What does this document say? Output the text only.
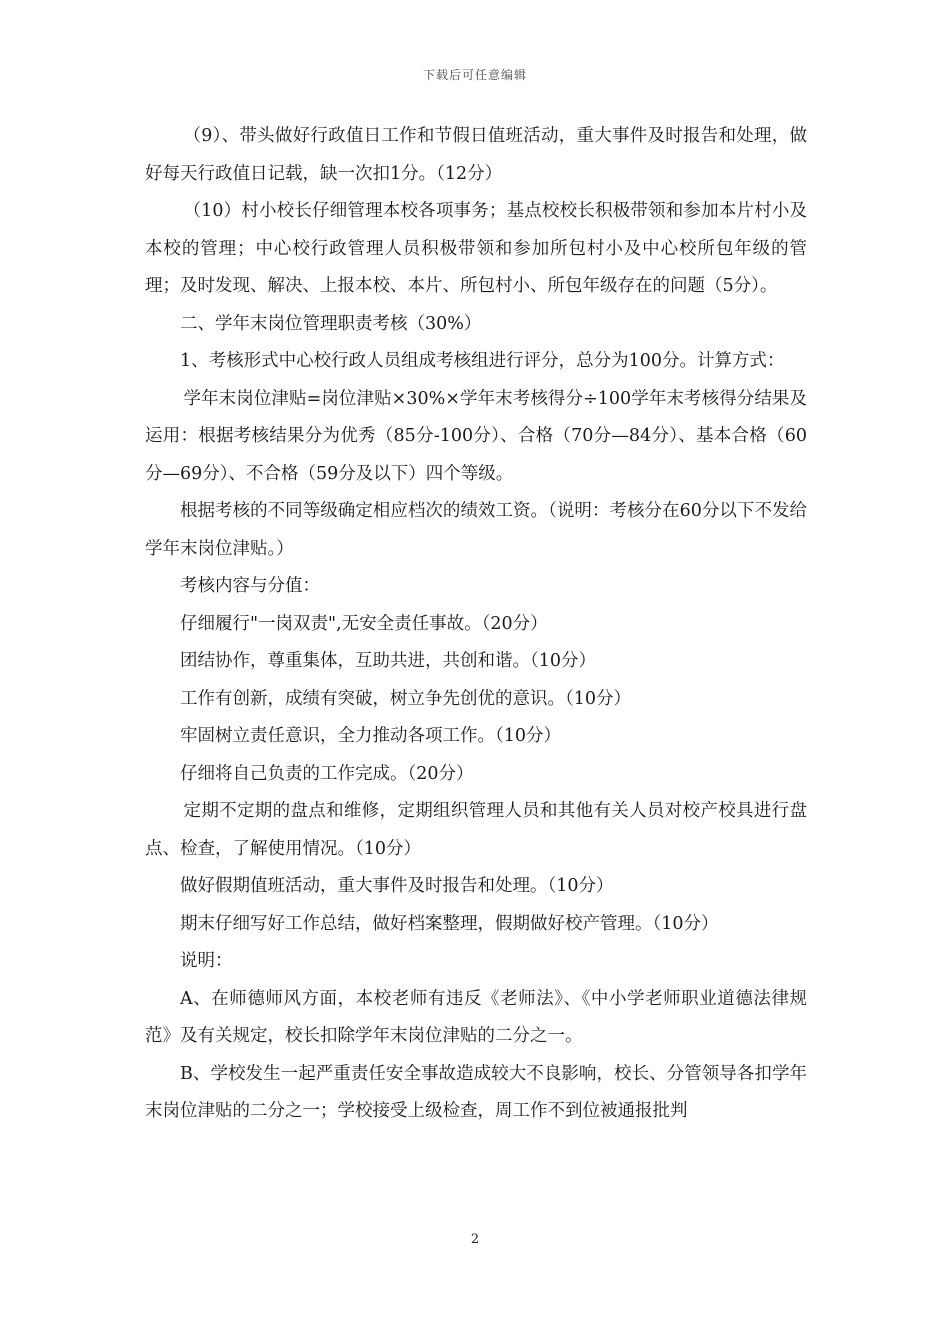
下载后可任意编辑

（9）、带头做好行政值日工作和节假日值班活动，重大事件及时报告和处理，做好每天行政值日记载，缺一次扣1分。（12分）

（10）村小校长仔细管理本校各项事务；基点校校长积极带领和参加本片村小及本校的管理；中心校行政管理人员积极带领和参加所包村小及中心校所包年级的管理；及时发现、解决、上报本校、本片、所包村小、所包年级存在的问题（5分）。

二、学年末岗位管理职责考核（30%）

1、考核形式中心校行政人员组成考核组进行评分，总分为100分。计算方式：

学年末岗位津贴=岗位津贴×30%×学年末考核得分÷100学年末考核得分结果及运用：根据考核结果分为优秀（85分-100分）、合格（70分—84分）、基本合格（60分—69分）、不合格（59分及以下）四个等级。

根据考核的不同等级确定相应档次的绩效工资。（说明：考核分在60分以下不发给学年末岗位津贴。）

考核内容与分值：

仔细履行"一岗双责",无安全责任事故。（20分）

团结协作，尊重集体，互助共进，共创和谐。（10分）

工作有创新，成绩有突破，树立争先创优的意识。（10分）

牢固树立责任意识，全力推动各项工作。（10分）

仔细将自己负责的工作完成。（20分）

定期不定期的盘点和维修，定期组织管理人员和其他有关人员对校产校具进行盘点、检查，了解使用情况。（10分）

做好假期值班活动，重大事件及时报告和处理。（10分）

期末仔细写好工作总结，做好档案整理，假期做好校产管理。（10分）

说明：

A、在师德师风方面，本校老师有违反《老师法》、《中小学老师职业道德法律规范》及有关规定，校长扣除学年末岗位津贴的二分之一。

B、学校发生一起严重责任安全事故造成较大不良影响，校长、分管领导各扣学年末岗位津贴的二分之一；学校接受上级检查，周工作不到位被通报批判

2
